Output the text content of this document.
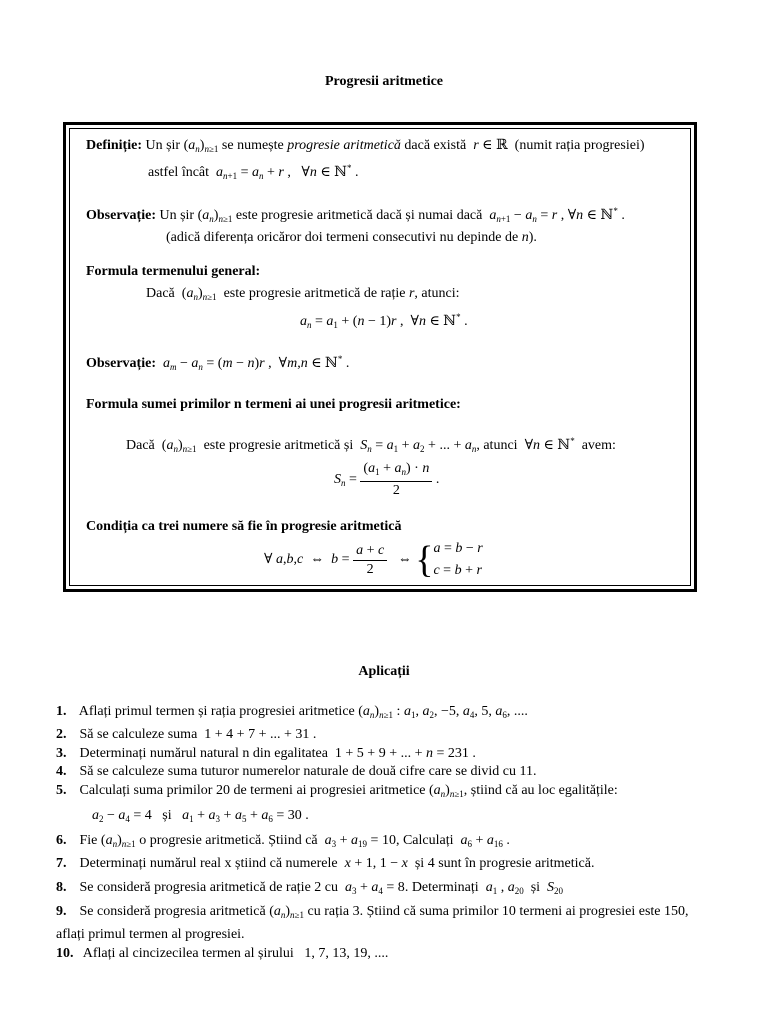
Progresii aritmetice
Definiție: Un șir $(a_n)_{n\ge 1}$ se numește progresie aritmetică dacă există r ∈ ℝ  (numit rația progresiei)
astfel încât $a_{n+1} = a_n + r$ ,   ∀n ∈ ℕ* .
Observație: Un șir $(a_n)_{n\ge 1}$ este progresie aritmetică dacă și numai dacă $a_{n+1} - a_n = r$ , ∀n ∈ ℕ* .
(adică diferența oricăror doi termeni consecutivi nu depinde de n).
Formula termenului general:
Dacă  $(a_n)_{n\ge 1}$ este progresie aritmetică de rație r, atunci:
$a_n = a_1 + (n - 1)r$ ,  ∀n ∈ ℕ* .
Observație: $a_m - a_n = (m - n)r$ ,  ∀m,n ∈ ℕ* .
Formula sumei primilor n termeni ai unei progresii aritmetice:
Dacă  $(a_n)_{n\ge 1}$ este progresie aritmetică și $S_n = a_1 + a_2$ + ... + $a_n$, atunci  ∀n ∈ ℕ* avem:
$S_n = \frac{(a_1 + a_n) \cdot n}{2}$ .
Condiția ca trei numere să fie în progresie aritmetică
∀ a,b,c  ⇔  $b = \frac{a + c}{2}$ ⇔ {a = b − r
c = b + r
Aplicații
1. Aflați primul termen și rația progresiei aritmetice $(a_n)_{n\ge 1}$ : $a_1$, $a_2$, −5, $a_4$, 5, $a_6$, ....
2. Să se calculeze suma  1 + 4 + 7 + ... + 31 .
3. Determinați numărul natural n din egalitatea  1 + 5 + 9 + ... + n = 231 .
4. Să se calculeze suma tuturor numerelor naturale de două cifre care se divid cu 11.
5. Calculați suma primilor 20 de termeni ai progresiei aritmetice $(a_n)_{n\ge 1}$, știind că au loc egalitățile:
$a_2 - a_4 = 4$   și   $a_1 + a_3 + a_5 + a_6 = 30$ .
6. Fie $(a_n)_{n\ge 1}$ o progresie aritmetică. Știind că $a_3 + a_{19} = 10$, Calculați $a_6 + a_{16}$ .
7. Determinați numărul real x știind că numerele x + 1, 1 − x și 4 sunt în progresie aritmetică.
8. Se consideră progresia aritmetică de rație 2 cu $a_3 + a_4 = 8$. Determinați $a_1$ , $a_{20}$  și  $S_{20}$
9. Se consideră progresia aritmetică $(a_n)_{n\ge 1}$ cu rația 3. Știind că suma primilor 10 termeni ai progresiei este 150,
aflați primul termen al progresiei.
10. Aflați al cincizecilea termen al șirului 1, 7, 13, 19, ....
